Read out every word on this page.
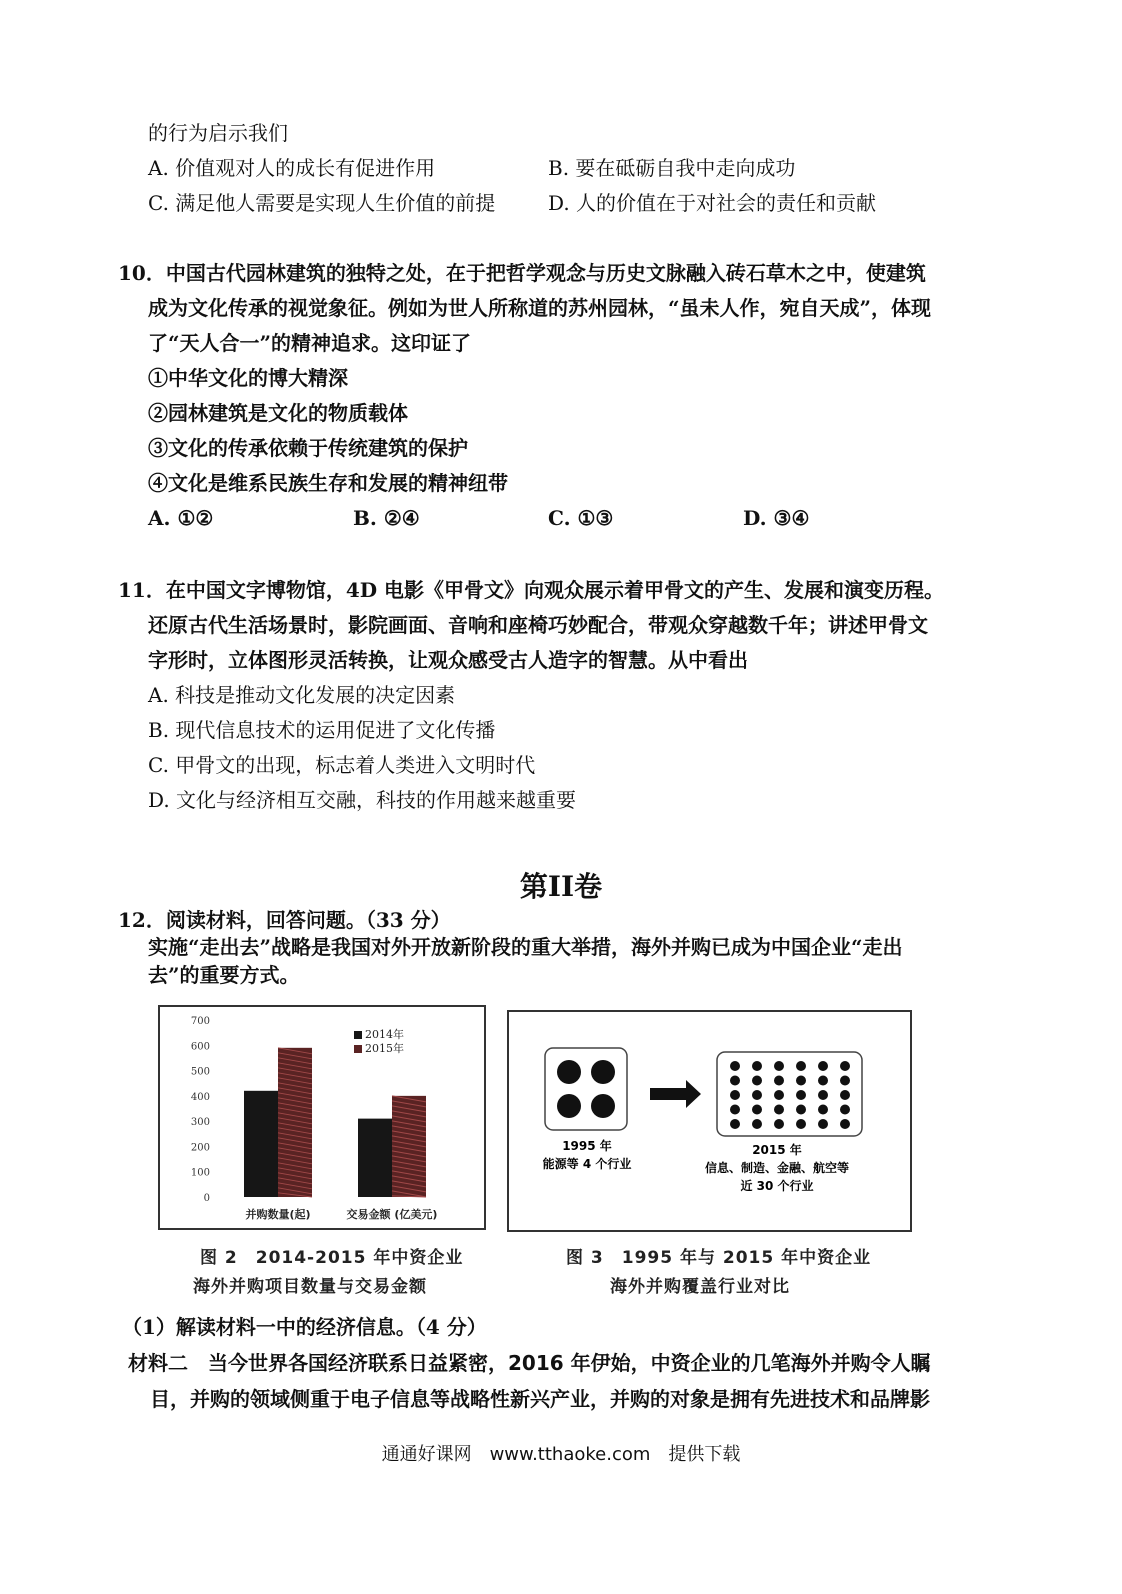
的行为启示我们
A. 价值观对人的成长有促进作用	B. 要在砥砺自我中走向成功
C. 满足他人需要是实现人生价值的前提	D. 人的价值在于对社会的责任和贡献
10．中国古代园林建筑的独特之处，在于把哲学观念与历史文脉融入砖石草木之中，使建筑
成为文化传承的视觉象征。例如为世人所称道的苏州园林，“虽未人作，宛自天成”，体现
了“天人合一”的精神追求。这印证了
①中华文化的博大精深
②园林建筑是文化的物质载体
③文化的传承依赖于传统建筑的保护
④文化是维系民族生存和发展的精神纽带
A. ①②	B. ②④	C. ①③	D. ③④
11．在中国文字博物馆，4D 电影《甲骨文》向观众展示着甲骨文的产生、发展和演变历程。
还原古代生活场景时，影院画面、音响和座椅巧妙配合，带观众穿越数千年；讲述甲骨文
字形时，立体图形灵活转换，让观众感受古人造字的智慧。从中看出
A. 科技是推动文化发展的决定因素
B. 现代信息技术的运用促进了文化传播
C. 甲骨文的出现，标志着人类进入文明时代
D. 文化与经济相互交融，科技的作用越来越重要
第II卷
12．阅读材料，回答问题。（33 分）
实施“走出去”战略是我国对外开放新阶段的重大举措，海外并购已成为中国企业“走出
去”的重要方式。
0
100
200
300
400
500
600
700
并购数量(起)	交易金额 (亿美元)
2014年
2015年
图 2　2014-2015 年中资企业
海外并购项目数量与交易金额
1995 年
能源等 4 个行业
2015 年
信息、制造、金融、航空等
近 30 个行业
图 3　1995 年与 2015 年中资企业
海外并购覆盖行业对比
（1）解读材料一中的经济信息。（4 分）
材料二　当今世界各国经济联系日益紧密，2016 年伊始，中资企业的几笔海外并购令人瞩
目，并购的领域侧重于电子信息等战略性新兴产业，并购的对象是拥有先进技术和品牌影
通通好课网　www.tthaoke.com　提供下载
